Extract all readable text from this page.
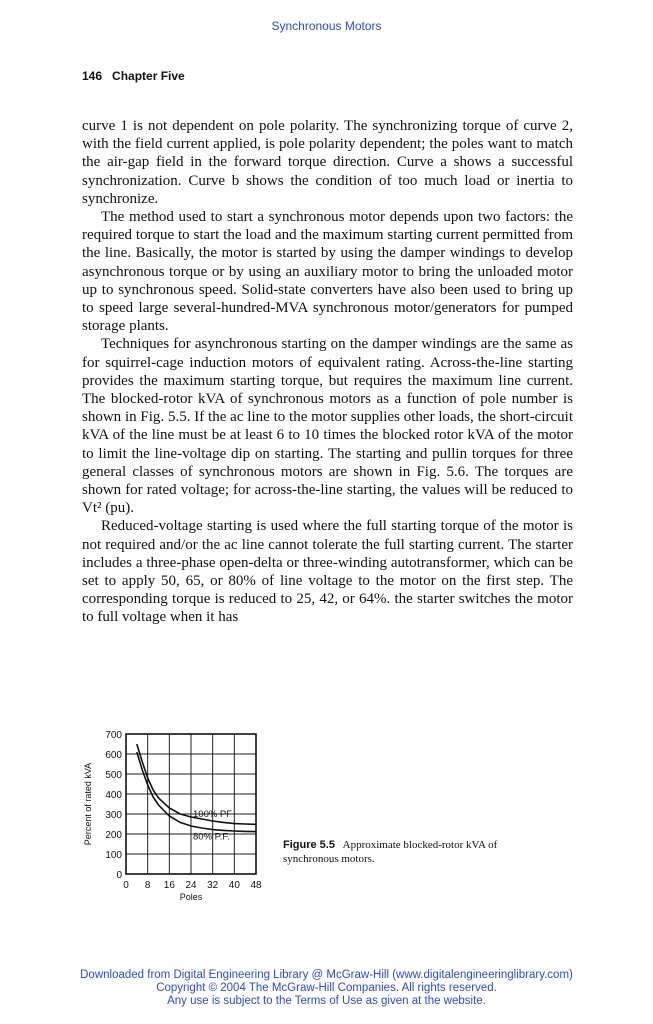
Synchronous Motors
146 Chapter Five

curve 1 is not dependent on pole polarity. The synchronizing torque of curve 2, with the field current applied, is pole polarity dependent; the poles want to match the air-gap field in the forward torque direction. Curve a shows a successful synchronization. Curve b shows the condition of too much load or inertia to synchronize.

The method used to start a synchronous motor depends upon two factors: the required torque to start the load and the maximum starting current permitted from the line. Basically, the motor is started by using the damper windings to develop asynchronous torque or by using an auxiliary motor to bring the unloaded motor up to synchronous speed. Solid-state converters have also been used to bring up to speed large several-hundred-MVA synchronous motor/generators for pumped storage plants.

Techniques for asynchronous starting on the damper windings are the same as for squirrel-cage induction motors of equivalent rating. Across-the-line starting provides the maximum starting torque, but requires the maximum line current. The blocked-rotor kVA of synchronous motors as a function of pole number is shown in Fig. 5.5. If the ac line to the motor supplies other loads, the short-circuit kVA of the line must be at least 6 to 10 times the blocked rotor kVA of the motor to limit the line-voltage dip on starting. The starting and pullin torques for three general classes of synchronous motors are shown in Fig. 5.6. The torques are shown for rated voltage; for across-the-line starting, the values will be reduced to Vt² (pu).

Reduced-voltage starting is used where the full starting torque of the motor is not required and/or the ac line cannot tolerate the full starting current. The starter includes a three-phase open-delta or three-winding autotransformer, which can be set to apply 50, 65, or 80% of line voltage to the motor on the first step. The corresponding torque is reduced to 25, 42, or 64%. the starter switches the motor to full voltage when it has

0 8 16 24 32 40 48
0
100
200
300
400
500
600
700
Poles
Percent of rated kVA	100% PF
80% P.F.
Figure 5.5 Approximate blocked-rotor kVA of synchronous motors.
Downloaded from Digital Engineering Library @ McGraw-Hill (www.digitalengineeringlibrary.com)
Copyright © 2004 The McGraw-Hill Companies. All rights reserved.
Any use is subject to the Terms of Use as given at the website.
